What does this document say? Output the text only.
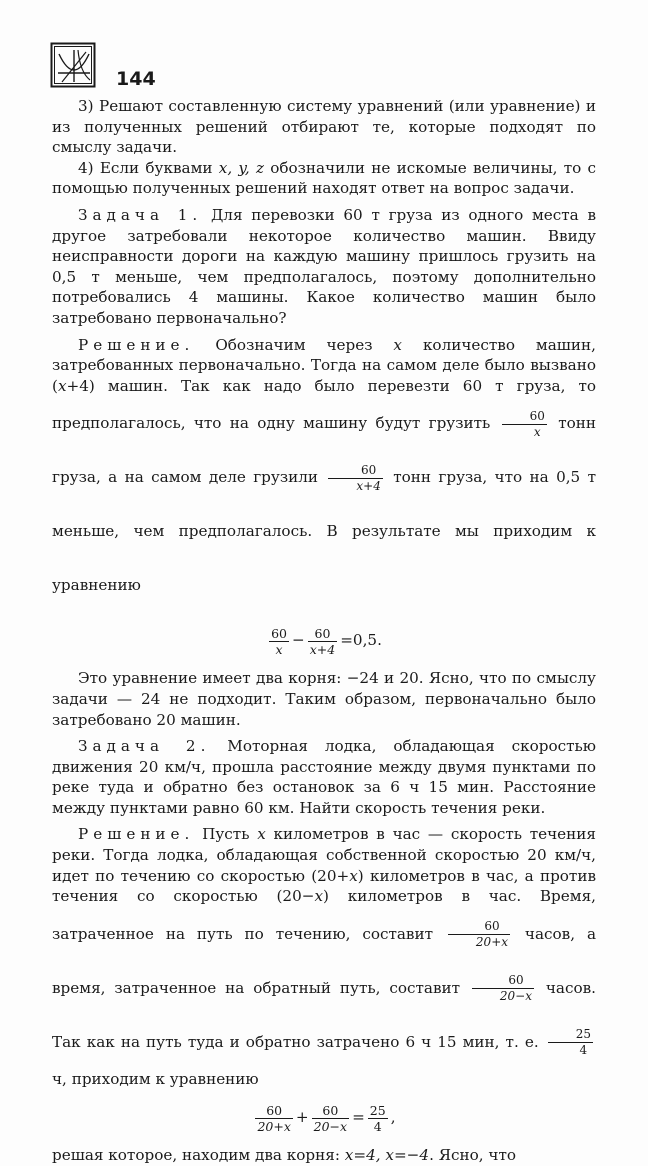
144

3) Решают составленную систему уравнений (или уравнение) и из полученных решений отбирают те, которые подходят по смыслу задачи.

4) Если буквами x, y, z обозначили не искомые величины, то с помощью полученных решений находят ответ на вопрос задачи.

Задача 1. Для перевозки 60 т груза из одного места в другое затребовали некоторое количество машин. Ввиду неисправности дороги на каждую машину пришлось грузить на 0,5 т меньше, чем предполагалось, поэтому дополнительно потребовались 4 машины. Какое количество машин было затребовано первоначально?

Решение. Обозначим через x количество машин, затребованных первоначально. Тогда на самом деле было вызвано (x+4) машин. Так как надо было перевезти 60 т груза, то предполагалось, что на одну машину будут грузить $\frac{60}{x}$ тонн груза, а на самом деле грузили $\frac{60}{x+4}$ тонн груза, что на 0,5 т меньше, чем предполагалось. В результате мы приходим к уравнению

$\frac{60}{x} - \frac{60}{x+4} =0,5$.

Это уравнение имеет два корня: −24 и 20. Ясно, что по смыслу задачи — 24 не подходит. Таким образом, первоначально было затребовано 20 машин.

Задача 2. Моторная лодка, обладающая скоростью движения 20 км/ч, прошла расстояние между двумя пунктами по реке туда и обратно без остановок за 6 ч 15 мин. Расстояние между пунктами равно 60 км. Найти скорость течения реки.

Решение. Пусть x километров в час — скорость течения реки. Тогда лодка, обладающая собственной скоростью 20 км/ч, идет по течению со скоростью (20+x) километров в час, а против течения со скоростью (20−x) километров в час. Время, затраченное на путь по течению, составит $\frac{60}{20+x}$ часов, а время, затраченное на обратный путь, составит $\frac{60}{20-x}$ часов. Так как на путь туда и обратно затрачено 6 ч 15 мин, т. е. $\frac{25}{4}$
ч, приходим к уравнению

$\frac{60}{20+x} + \frac{60}{20-x} = \frac{25}{4}$ ,

решая которое, находим два корня: x=4, x=−4. Ясно, что
